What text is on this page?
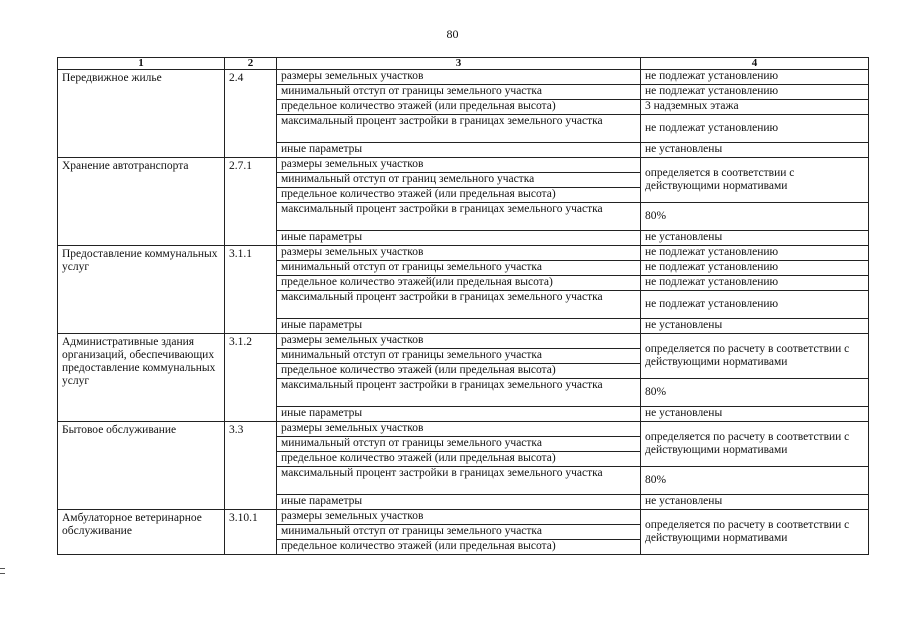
80
1	2	3	4
Передвижное жилье	2.4	размеры земельных участков	не подлежат установлению
		минимальный отступ от границы земельного участка	не подлежат установлению
		предельное количество этажей (или предельная высота)	3 надземных этажа
		максимальный процент застройки в границах земельного участка	не подлежат установлению
		иные параметры	не установлены
Хранение автотранспорта	2.7.1	размеры земельных участков	определяется в соответствии с действующими нормативами
		минимальный отступ от границ земельного участка	
		предельное количество этажей (или предельная высота)	
		максимальный процент застройки в границах земельного участка	80%
		иные параметры	не установлены
Предоставление коммунальных услуг	3.1.1	размеры земельных участков	не подлежат установлению
		минимальный отступ от границы земельного участка	не подлежат установлению
		предельное количество этажей(или предельная высота)	не подлежат установлению
		максимальный процент застройки в границах земельного участка	не подлежат установлению
		иные параметры	не установлены
Административные здания организаций, обеспечивающих предоставление коммунальных услуг	3.1.2	размеры земельных участков	определяется по расчету в соответствии с действующими нормативами
		минимальный отступ от границы земельного участка	
		предельное количество этажей (или предельная высота)	
		максимальный процент застройки в границах земельного участка	80%
		иные параметры	не установлены
Бытовое обслуживание	3.3	размеры земельных участков	определяется по расчету в соответствии с действующими нормативами
		минимальный отступ от границы земельного участка	
		предельное количество этажей (или предельная высота)	
		максимальный процент застройки в границах земельного участка	80%
		иные параметры	не установлены
Амбулаторное ветеринарное обслуживание	3.10.1	размеры земельных участков	определяется по расчету в соответствии с действующими нормативами
		минимальный отступ от границы земельного участка	
		предельное количество этажей (или предельная высота)	
